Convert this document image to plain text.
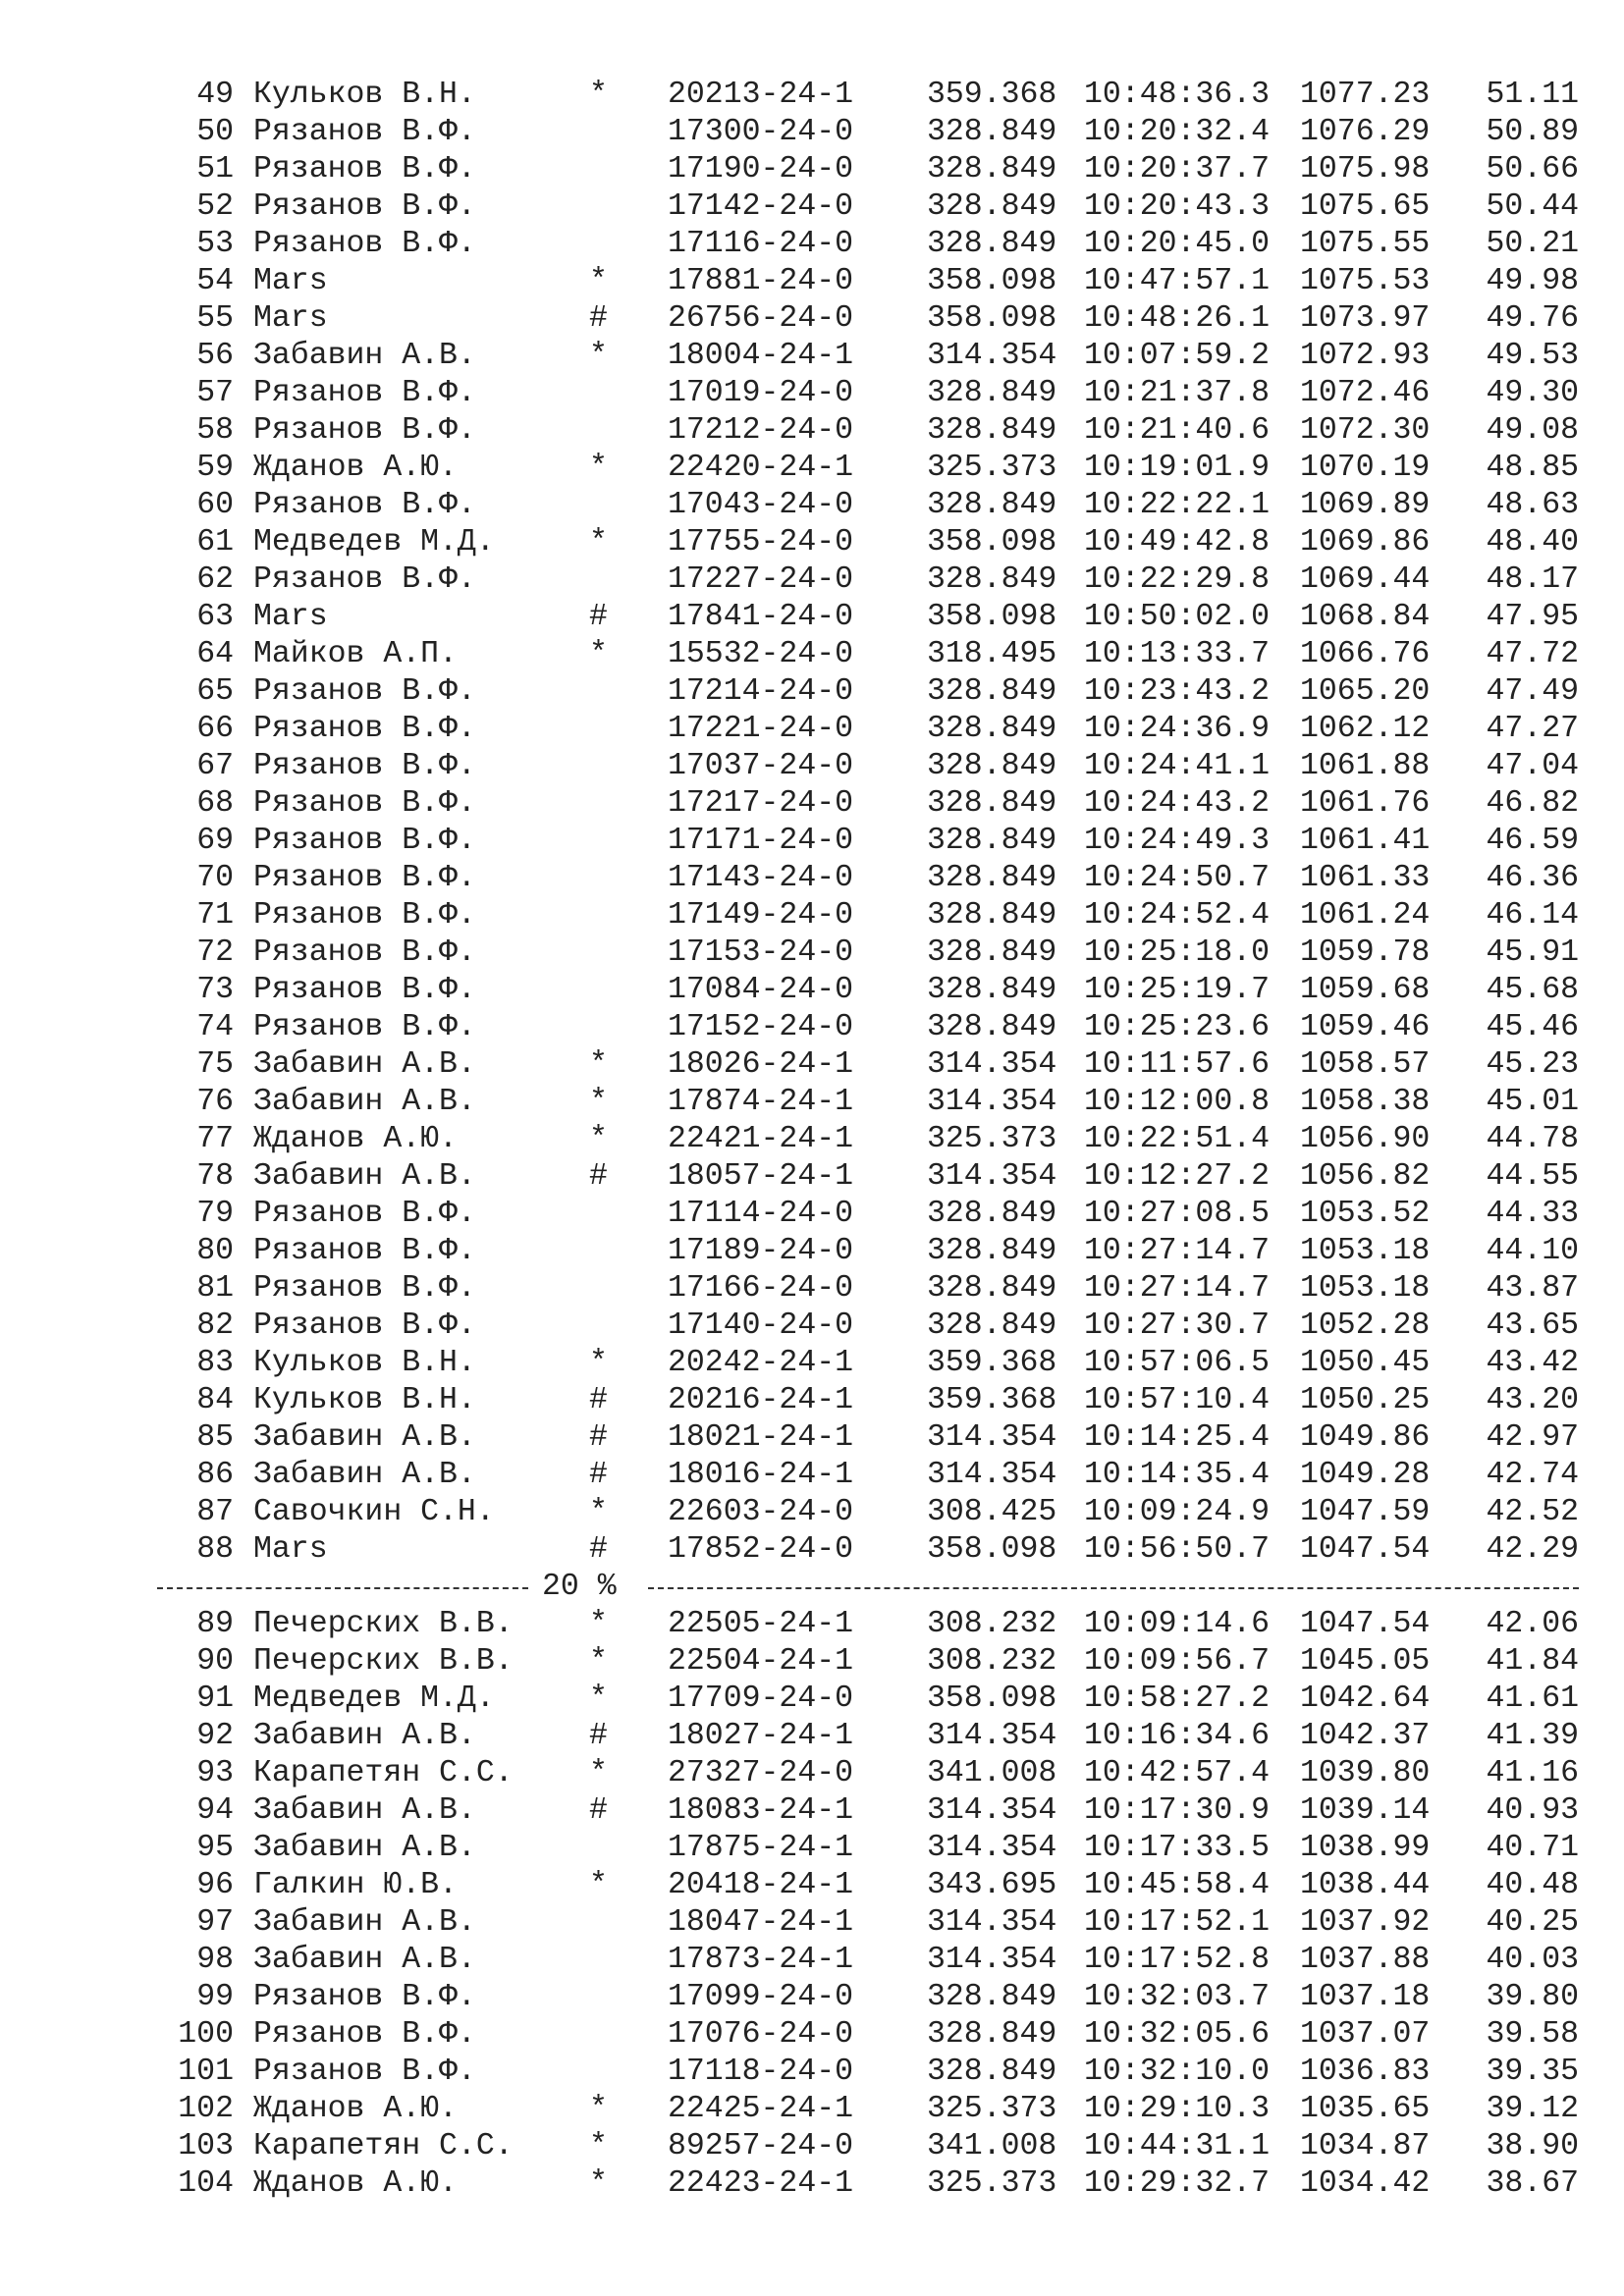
49 Кульков В.Н.	* 20213-24-1 359.368 10:48:36.3 1077.23	51.11
50 Рязанов В.Ф.	17300-24-0 328.849 10:20:32.4 1076.29	50.89
51 Рязанов В.Ф.	17190-24-0 328.849 10:20:37.7 1075.98	50.66
52 Рязанов В.Ф.	17142-24-0 328.849 10:20:43.3 1075.65	50.44
53 Рязанов В.Ф.	17116-24-0 328.849 10:20:45.0 1075.55	50.21
54 Mars	* 17881-24-0 358.098 10:47:57.1 1075.53	49.98
55 Mars	# 26756-24-0 358.098 10:48:26.1 1073.97	49.76
56 Забавин А.В.	* 18004-24-1 314.354 10:07:59.2 1072.93	49.53
57 Рязанов В.Ф.	17019-24-0 328.849 10:21:37.8 1072.46	49.30
58 Рязанов В.Ф.	17212-24-0 328.849 10:21:40.6 1072.30	49.08
59 Жданов А.Ю.	* 22420-24-1 325.373 10:19:01.9 1070.19	48.85
60 Рязанов В.Ф.	17043-24-0 328.849 10:22:22.1 1069.89	48.63
61 Медведев М.Д.	* 17755-24-0 358.098 10:49:42.8 1069.86	48.40
62 Рязанов В.Ф.	17227-24-0 328.849 10:22:29.8 1069.44	48.17
63 Mars	# 17841-24-0 358.098 10:50:02.0 1068.84	47.95
64 Майков А.П.	* 15532-24-0 318.495 10:13:33.7 1066.76	47.72
65 Рязанов В.Ф.	17214-24-0 328.849 10:23:43.2 1065.20	47.49
66 Рязанов В.Ф.	17221-24-0 328.849 10:24:36.9 1062.12	47.27
67 Рязанов В.Ф.	17037-24-0 328.849 10:24:41.1 1061.88	47.04
68 Рязанов В.Ф.	17217-24-0 328.849 10:24:43.2 1061.76	46.82
69 Рязанов В.Ф.	17171-24-0 328.849 10:24:49.3 1061.41	46.59
70 Рязанов В.Ф.	17143-24-0 328.849 10:24:50.7 1061.33	46.36
71 Рязанов В.Ф.	17149-24-0 328.849 10:24:52.4 1061.24	46.14
72 Рязанов В.Ф.	17153-24-0 328.849 10:25:18.0 1059.78	45.91
73 Рязанов В.Ф.	17084-24-0 328.849 10:25:19.7 1059.68	45.68
74 Рязанов В.Ф.	17152-24-0 328.849 10:25:23.6 1059.46	45.46
75 Забавин А.В.	* 18026-24-1 314.354 10:11:57.6 1058.57	45.23
76 Забавин А.В.	* 17874-24-1 314.354 10:12:00.8 1058.38	45.01
77 Жданов А.Ю.	* 22421-24-1 325.373 10:22:51.4 1056.90	44.78
78 Забавин А.В.	# 18057-24-1 314.354 10:12:27.2 1056.82	44.55
79 Рязанов В.Ф.	17114-24-0 328.849 10:27:08.5 1053.52	44.33
80 Рязанов В.Ф.	17189-24-0 328.849 10:27:14.7 1053.18	44.10
81 Рязанов В.Ф.	17166-24-0 328.849 10:27:14.7 1053.18	43.87
82 Рязанов В.Ф.	17140-24-0 328.849 10:27:30.7 1052.28	43.65
83 Кульков В.Н.	* 20242-24-1 359.368 10:57:06.5 1050.45	43.42
84 Кульков В.Н.	# 20216-24-1 359.368 10:57:10.4 1050.25	43.20
85 Забавин А.В.	# 18021-24-1 314.354 10:14:25.4 1049.86	42.97
86 Забавин А.В.	# 18016-24-1 314.354 10:14:35.4 1049.28	42.74
87 Савочкин С.Н.	* 22603-24-0 308.425 10:09:24.9 1047.59	42.52
88 Mars	# 17852-24-0 358.098 10:56:50.7 1047.54	42.29
20 %
89 Печерских В.В. * 22505-24-1 308.232 10:09:14.6 1047.54	42.06
90 Печерских В.В. * 22504-24-1 308.232 10:09:56.7 1045.05	41.84
91 Медведев М.Д.	* 17709-24-0 358.098 10:58:27.2 1042.64	41.61
92 Забавин А.В.	# 18027-24-1 314.354 10:16:34.6 1042.37	41.39
93 Карапетян С.С. * 27327-24-0 341.008 10:42:57.4 1039.80	41.16
94 Забавин А.В.	# 18083-24-1 314.354 10:17:30.9 1039.14	40.93
95 Забавин А.В.	17875-24-1 314.354 10:17:33.5 1038.99	40.71
96 Галкин Ю.В.	* 20418-24-1 343.695 10:45:58.4 1038.44	40.48
97 Забавин А.В.	18047-24-1 314.354 10:17:52.1 1037.92	40.25
98 Забавин А.В.	17873-24-1 314.354 10:17:52.8 1037.88	40.03
99 Рязанов В.Ф.	17099-24-0 328.849 10:32:03.7 1037.18	39.80
100 Рязанов В.Ф.	17076-24-0 328.849 10:32:05.6 1037.07	39.58
101 Рязанов В.Ф.	17118-24-0 328.849 10:32:10.0 1036.83	39.35
102 Жданов А.Ю.	* 22425-24-1 325.373 10:29:10.3 1035.65	39.12
103 Карапетян С.С. * 89257-24-0 341.008 10:44:31.1 1034.87	38.90
104 Жданов А.Ю.	* 22423-24-1 325.373 10:29:32.7 1034.42	38.67
